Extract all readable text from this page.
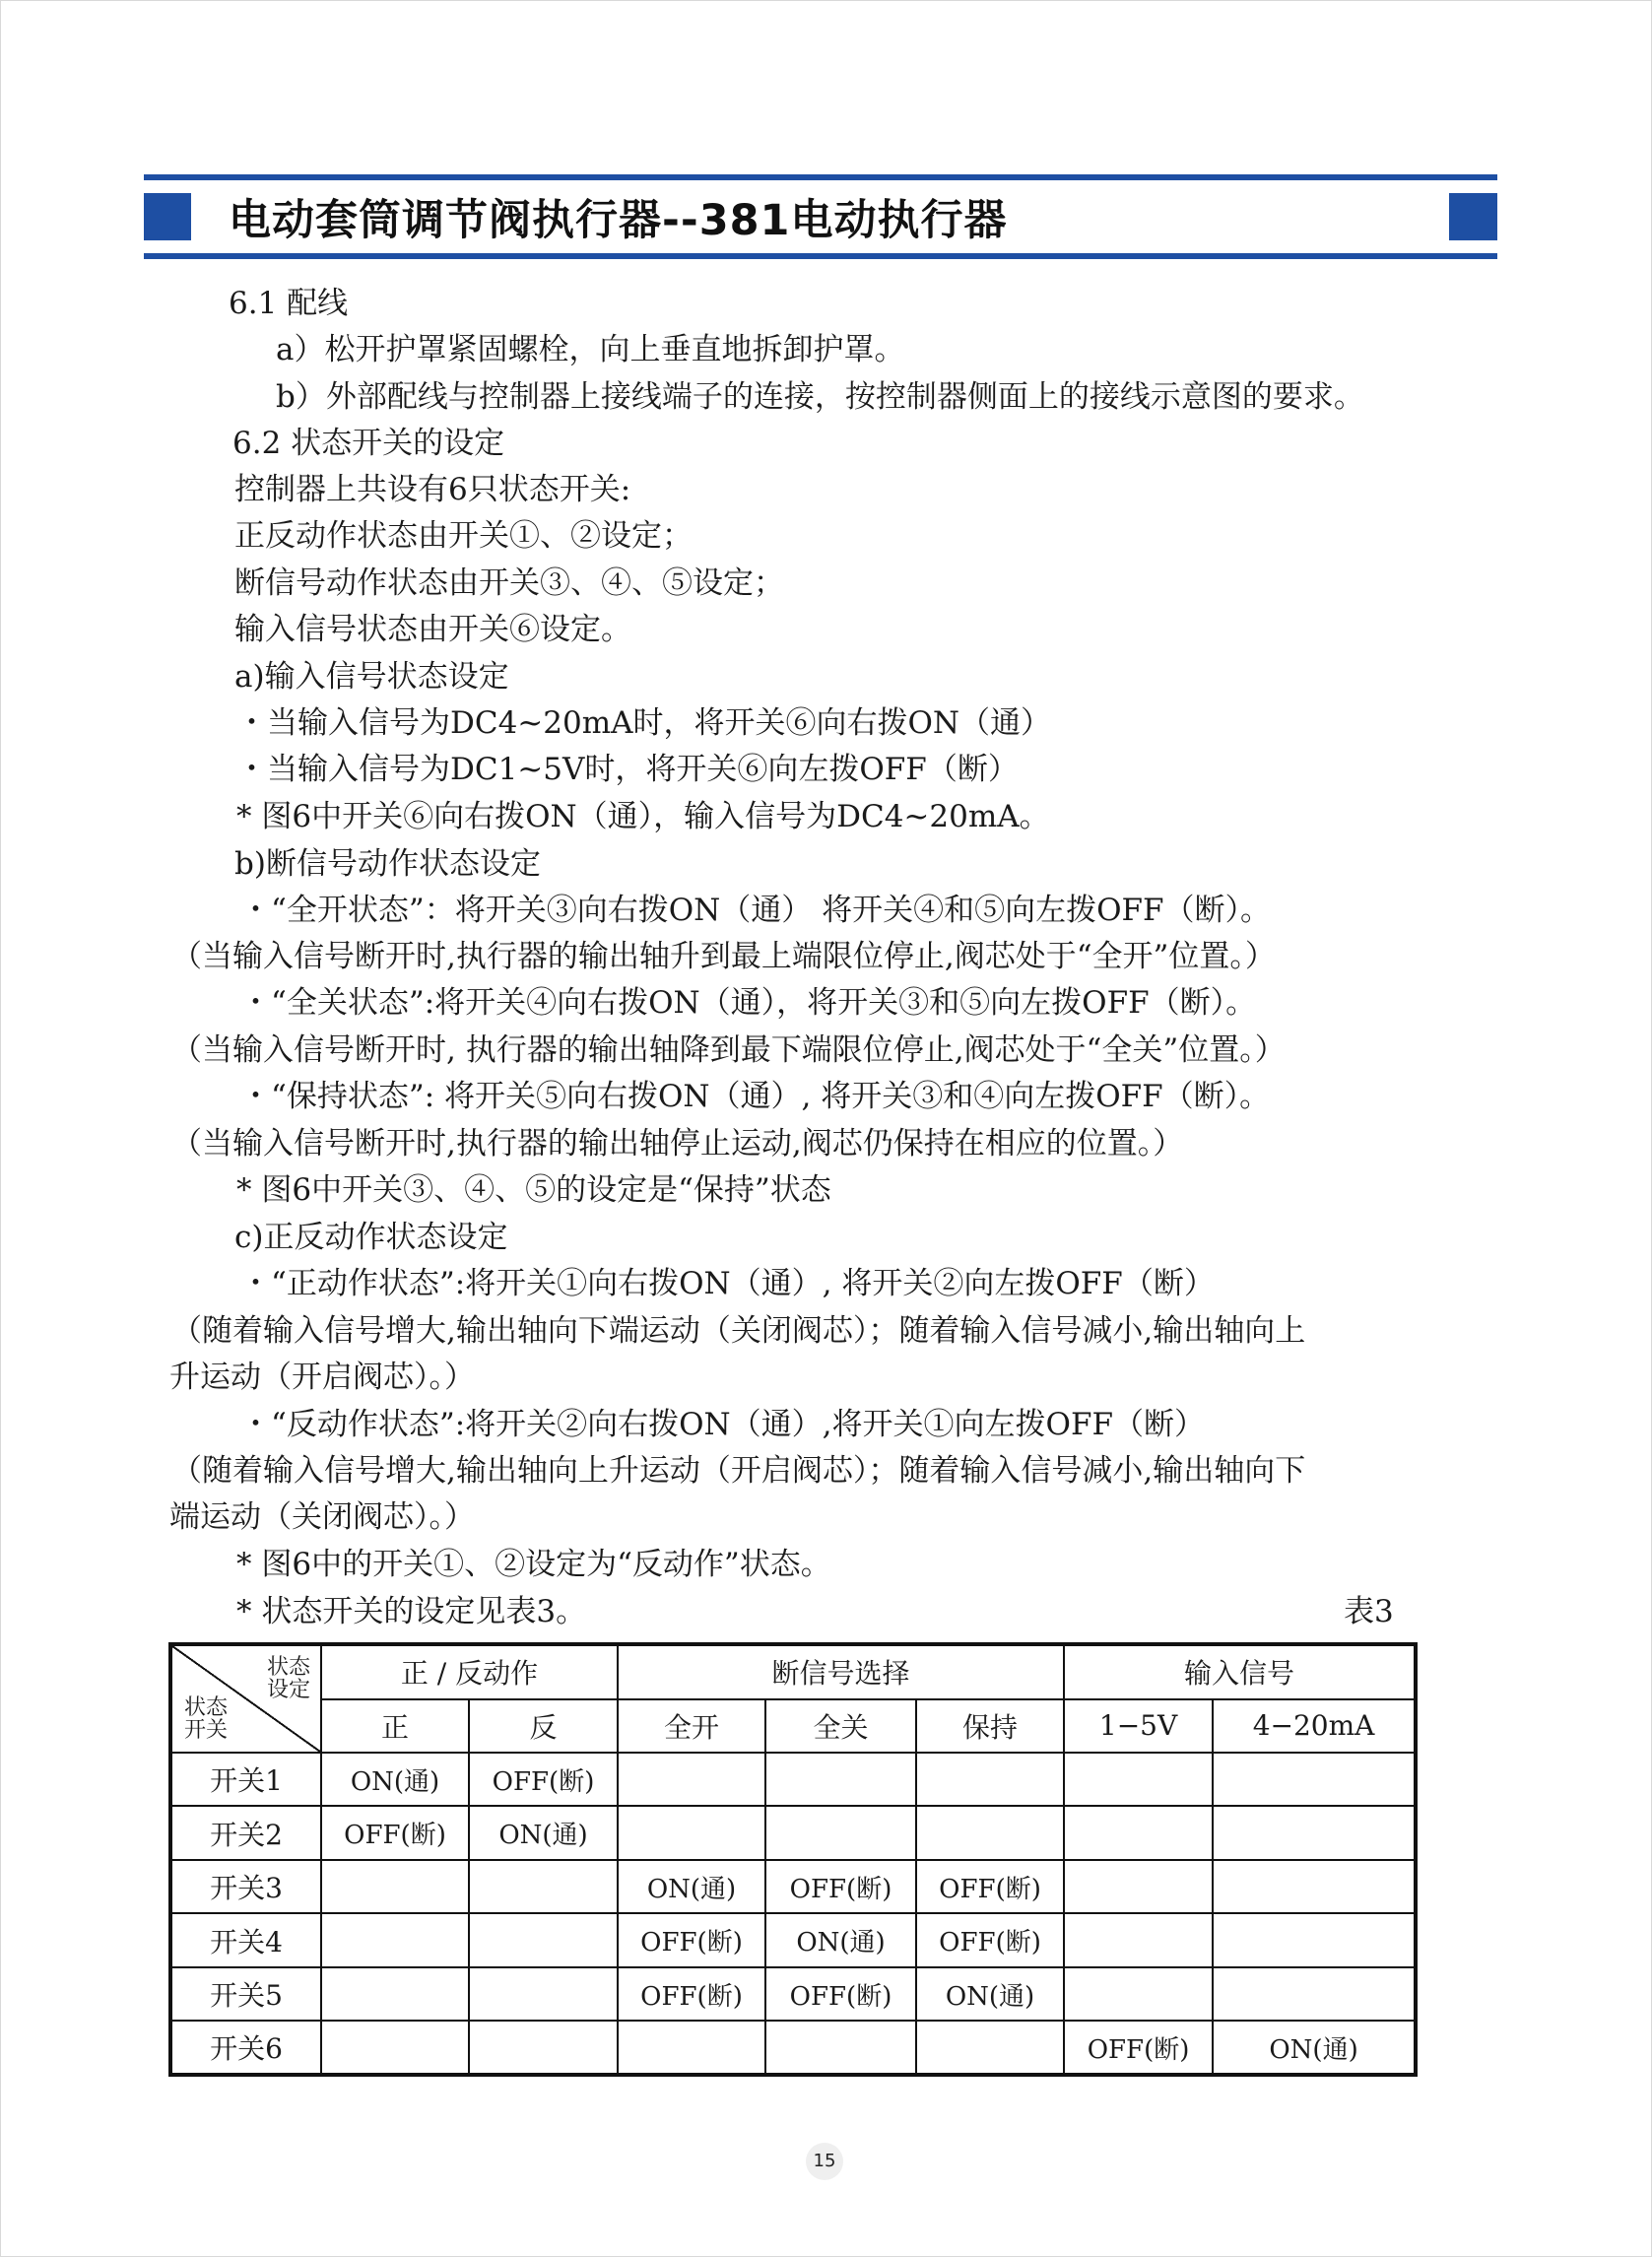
电动套筒调节阀执行器--381电动执行器
6.1 配线
a）松开护罩紧固螺栓，向上垂直地拆卸护罩。
b）外部配线与控制器上接线端子的连接，按控制器侧面上的接线示意图的要求。
6.2 状态开关的设定
控制器上共设有6只状态开关:
正反动作状态由开关①、②设定；
断信号动作状态由开关③、④、⑤设定；
输入信号状态由开关⑥设定。
a)输入信号状态设定
・当输入信号为DC4~20mA时，将开关⑥向右拨ON（通）
・当输入信号为DC1~5V时，将开关⑥向左拨OFF（断）
* 图6中开关⑥向右拨ON（通），输入信号为DC4~20mA。
b)断信号动作状态设定
・“全开状态”：将开关③向右拨ON（通） 将开关④和⑤向左拨OFF（断）。
（当输入信号断开时,执行器的输出轴升到最上端限位停止,阀芯处于“全开”位置。）
・“全关状态”:将开关④向右拨ON（通），将开关③和⑤向左拨OFF（断）。
（当输入信号断开时, 执行器的输出轴降到最下端限位停止,阀芯处于“全关”位置。）
・“保持状态”: 将开关⑤向右拨ON（通）, 将开关③和④向左拨OFF（断）。
（当输入信号断开时,执行器的输出轴停止运动,阀芯仍保持在相应的位置。）
* 图6中开关③、④、⑤的设定是“保持”状态
c)正反动作状态设定
・“正动作状态”:将开关①向右拨ON（通）, 将开关②向左拨OFF（断）
（随着输入信号增大,输出轴向下端运动（关闭阀芯）；随着输入信号减小,输出轴向上
升运动（开启阀芯）。）
・“反动作状态”:将开关②向右拨ON（通）,将开关①向左拨OFF（断）
（随着输入信号增大,输出轴向上升运动（开启阀芯）；随着输入信号减小,输出轴向下
端运动（关闭阀芯）。）
* 图6中的开关①、②设定为“反动作”状态。
* 状态开关的设定见表3。	表3
状态
设定
状态
开关	正 / 反动作		断信号选择			输入信号	
	正	反	全开	全关	保持	1−5V	4−20mA
开关1	ON(通)	OFF(断)					
开关2	OFF(断)	ON(通)					
开关3			ON(通)	OFF(断)	OFF(断)		
开关4			OFF(断)	ON(通)	OFF(断)		
开关5			OFF(断)	OFF(断)	ON(通)		
开关6						OFF(断)	ON(通)
15
